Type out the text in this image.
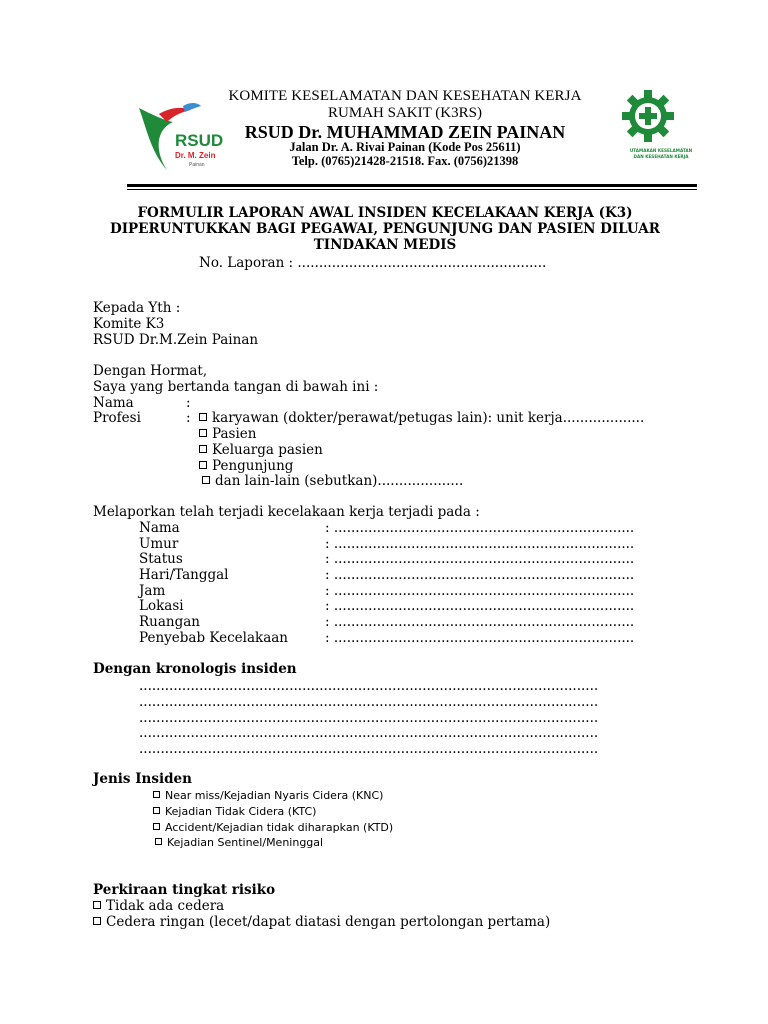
RSUD
Dr. M. Zein
Painan
UTAMAKAN KESELAMATAN
DAN KESEHATAN KERJA
KOMITE KESELAMATAN DAN KESEHATAN KERJA
RUMAH SAKIT (K3RS)
RSUD Dr. MUHAMMAD ZEIN PAINAN
Jalan Dr. A. Rivai Painan (Kode Pos 25611)
Telp. (0765)21428-21518. Fax. (0756)21398
FORMULIR LAPORAN AWAL INSIDEN KECELAKAAN KERJA (K3)
DIPERUNTUKKAN BAGI PEGAWAI, PENGUNJUNG DAN PASIEN DILUAR
TINDAKAN MEDIS
No. Laporan : ..........................................................
Kepada Yth :
Komite K3
RSUD Dr.M.Zein Painan
Dengan Hormat,
Saya yang bertanda tangan di bawah ini :
Nama	:
Profesi	:	karyawan (dokter/perawat/petugas lain): unit kerja...................
Pasien
Keluarga pasien
Pengunjung
dan lain-lain (sebutkan)....................
Melaporkan telah terjadi kecelakaan kerja terjadi pada :
Nama	: ......................................................................
Umur	: ......................................................................
Status	: ......................................................................
Hari/Tanggal	: ......................................................................
Jam	: ......................................................................
Lokasi	: ......................................................................
Ruangan	: ......................................................................
Penyebab Kecelakaan	: ......................................................................
Dengan kronologis insiden
...........................................................................................................
...........................................................................................................
...........................................................................................................
...........................................................................................................
...........................................................................................................
Jenis Insiden
Near miss/Kejadian Nyaris Cidera (KNC)
Kejadian Tidak Cidera (KTC)
Accident/Kejadian tidak diharapkan (KTD)
Kejadian Sentinel/Meninggal
Perkiraan tingkat risiko
Tidak ada cedera
Cedera ringan (lecet/dapat diatasi dengan pertolongan pertama)
